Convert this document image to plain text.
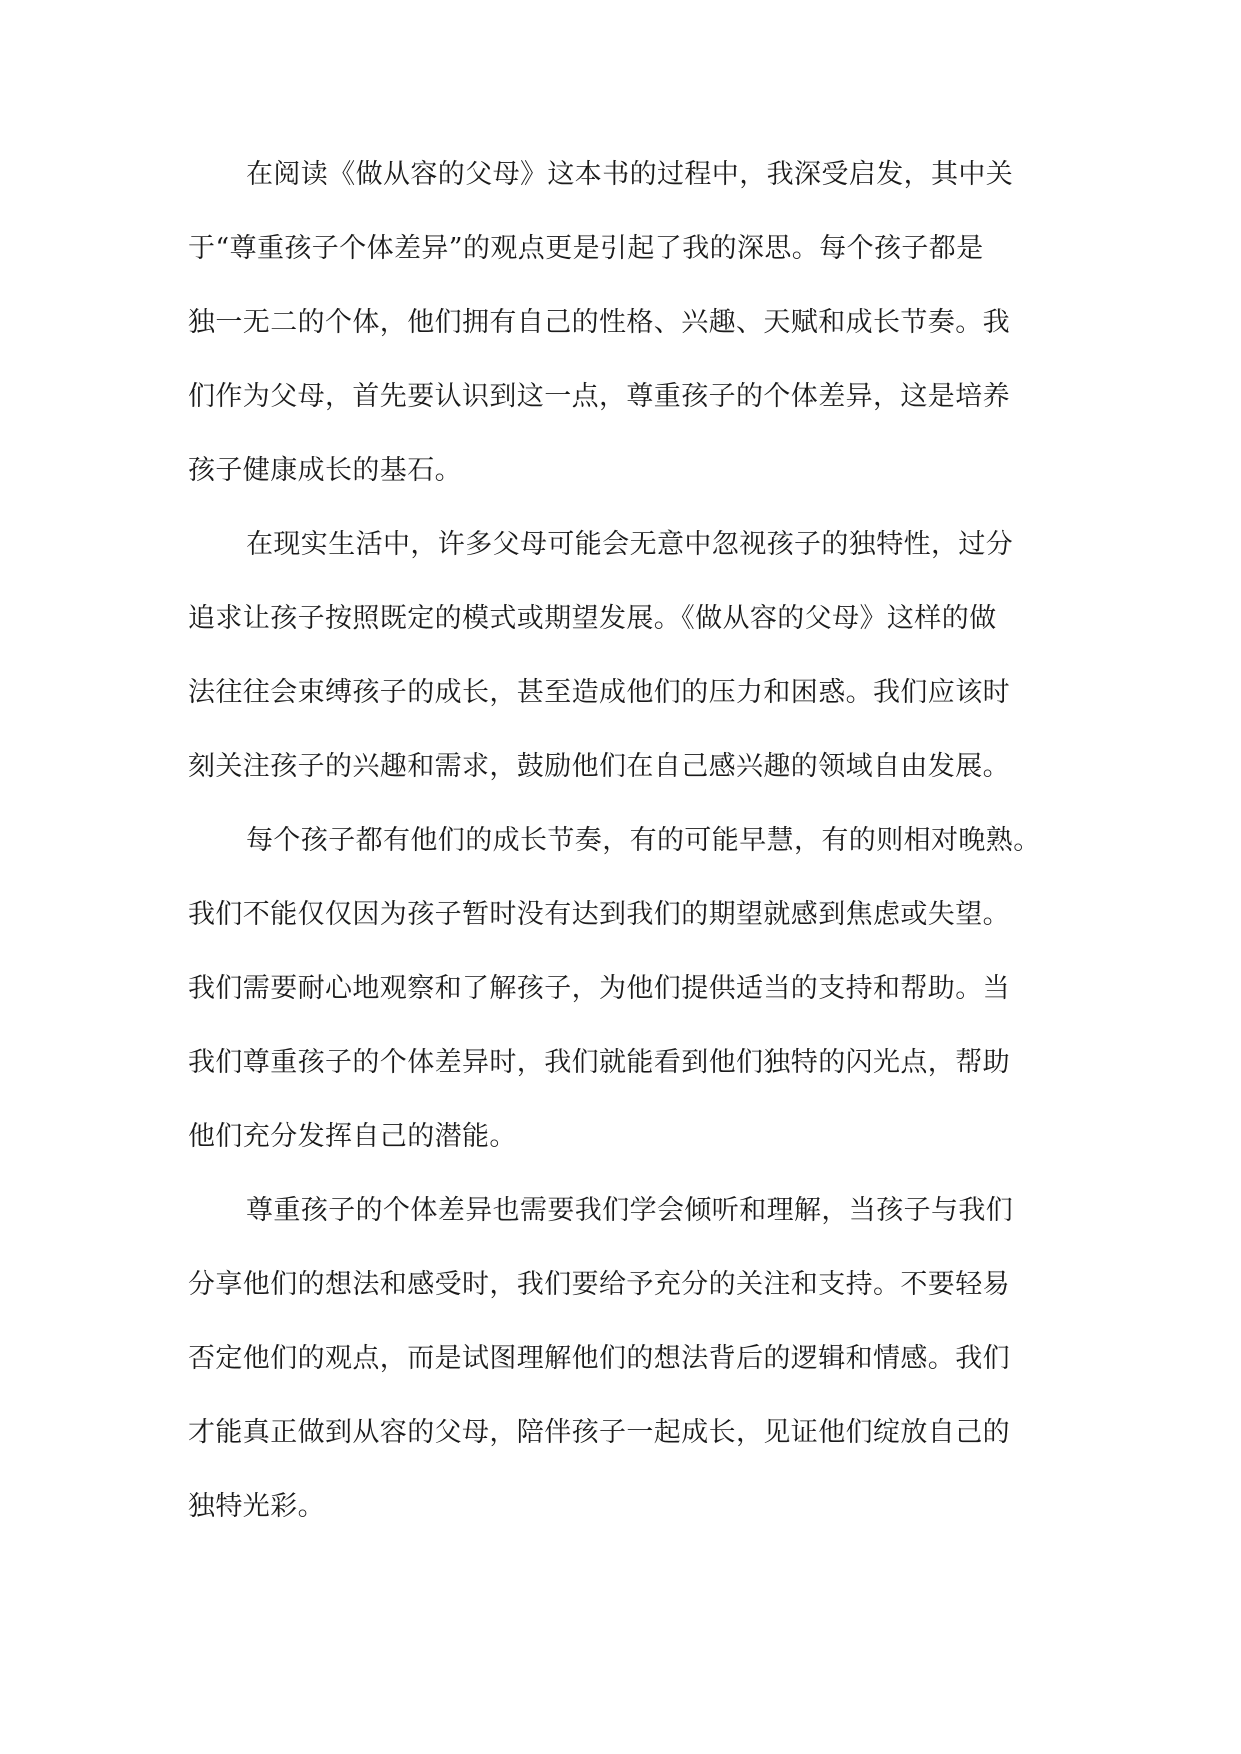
在阅读《做从容的父母》这本书的过程中，我深受启发，其中关
于“尊重孩子个体差异”的观点更是引起了我的深思。每个孩子都是
独一无二的个体，他们拥有自己的性格、兴趣、天赋和成长节奏。我
们作为父母，首先要认识到这一点，尊重孩子的个体差异，这是培养
孩子健康成长的基石。
在现实生活中，许多父母可能会无意中忽视孩子的独特性，过分
追求让孩子按照既定的模式或期望发展。《做从容的父母》这样的做
法往往会束缚孩子的成长，甚至造成他们的压力和困惑。我们应该时
刻关注孩子的兴趣和需求，鼓励他们在自己感兴趣的领域自由发展。
每个孩子都有他们的成长节奏，有的可能早慧，有的则相对晚熟。
我们不能仅仅因为孩子暂时没有达到我们的期望就感到焦虑或失望。
我们需要耐心地观察和了解孩子，为他们提供适当的支持和帮助。当
我们尊重孩子的个体差异时，我们就能看到他们独特的闪光点，帮助
他们充分发挥自己的潜能。
尊重孩子的个体差异也需要我们学会倾听和理解，当孩子与我们
分享他们的想法和感受时，我们要给予充分的关注和支持。不要轻易
否定他们的观点，而是试图理解他们的想法背后的逻辑和情感。我们
才能真正做到从容的父母，陪伴孩子一起成长，见证他们绽放自己的
独特光彩。
